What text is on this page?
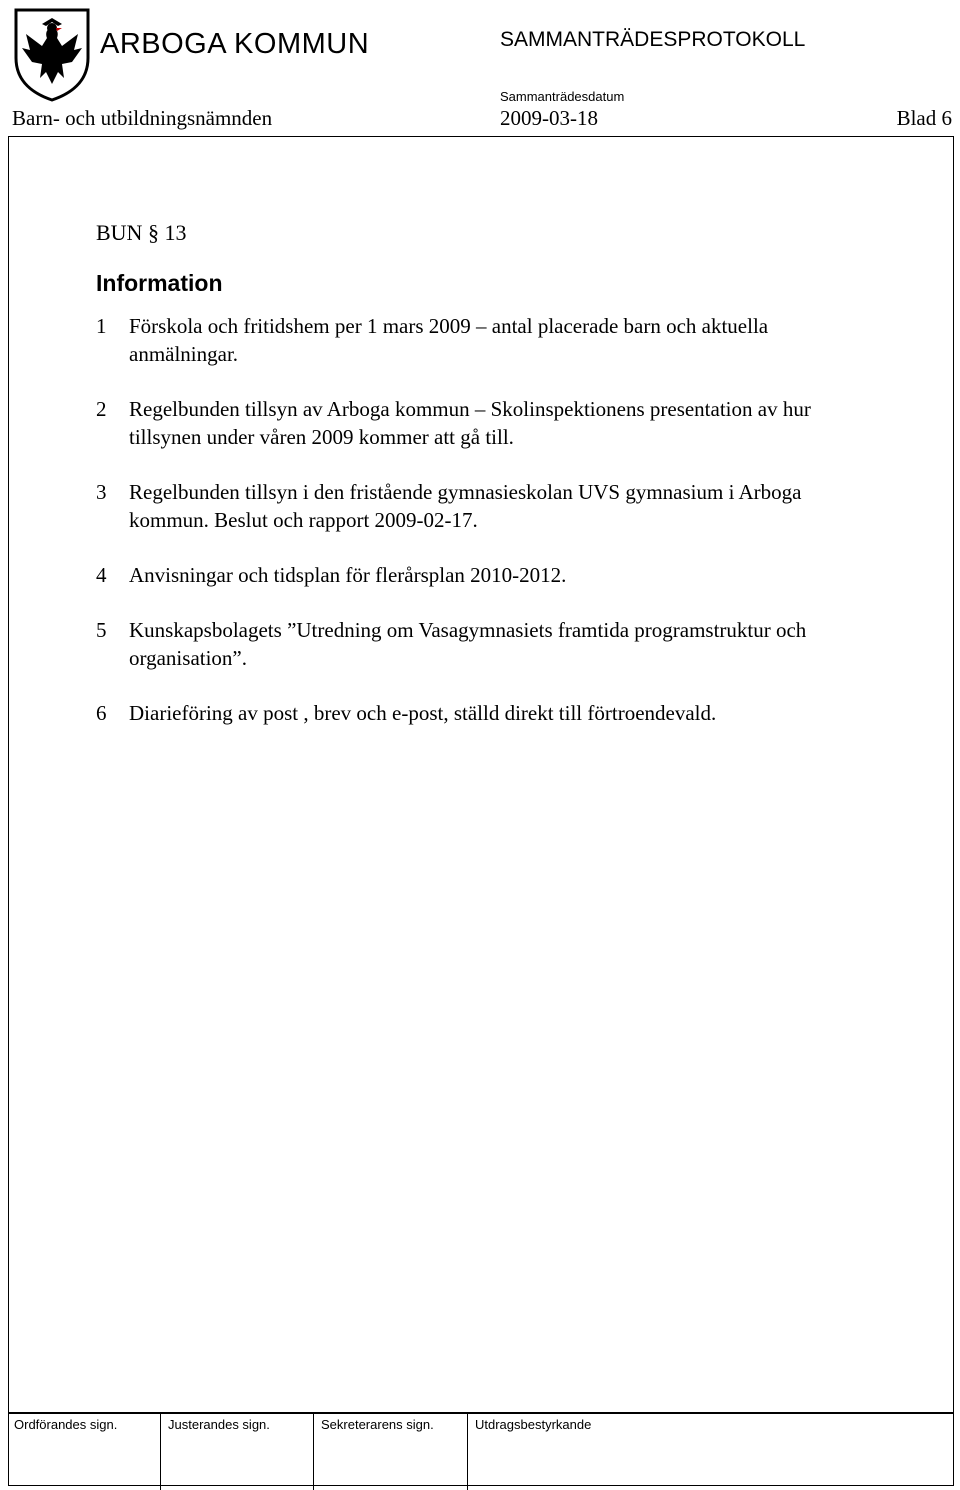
ARBOGA KOMMUN	SAMMANTRÄDESPROTOKOLL
Sammanträdesdatum
Barn- och utbildningsnämnden	2009-03-18	Blad 6
BUN § 13
Information
1	Förskola och fritidshem per 1 mars 2009 – antal placerade barn och aktuella anmälningar.
2	Regelbunden tillsyn av Arboga kommun – Skolinspektionens presentation av hur tillsynen under våren 2009 kommer att gå till.
3	Regelbunden tillsyn i den fristående gymnasieskolan UVS gymnasium i Arboga kommun. Beslut och rapport 2009-02-17.
4	Anvisningar och tidsplan för flerårsplan 2010-2012.
5	Kunskapsbolagets ”Utredning om Vasagymnasiets framtida programstruktur och organisation”.
6	Diarieföring av post , brev och e-post, ställd direkt till förtroendevald.
Ordförandes sign.	Justerandes sign.	Sekreterarens sign.	Utdragsbestyrkande
